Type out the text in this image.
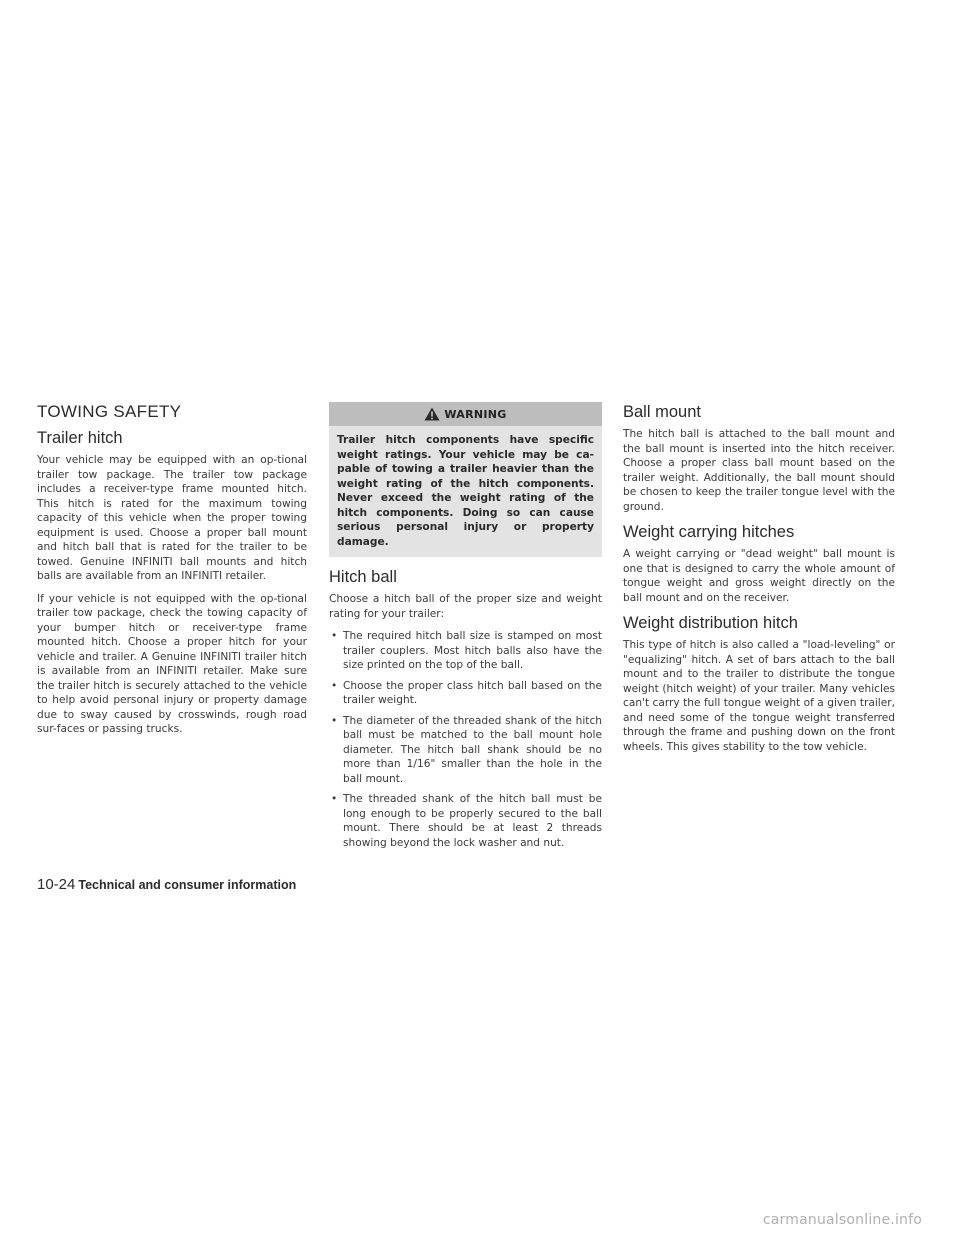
TOWING SAFETY
Trailer hitch

Your vehicle may be equipped with an op-tional trailer tow package. The trailer tow package includes a receiver-type frame mounted hitch. This hitch is rated for the maximum towing capacity of this vehicle when the proper towing equipment is used. Choose a proper ball mount and hitch ball that is rated for the trailer to be towed. Genuine INFINITI ball mounts and hitch balls are available from an INFINITI retailer.

If your vehicle is not equipped with the op-tional trailer tow package, check the towing capacity of your bumper hitch or receiver-type frame mounted hitch. Choose a proper hitch for your vehicle and trailer. A Genuine INFINITI trailer hitch is available from an INFINITI retailer. Make sure the trailer hitch is securely attached to the vehicle to help avoid personal injury or property damage due to sway caused by crosswinds, rough road sur-faces or passing trucks.

WARNING
Trailer hitch components have specific weight ratings. Your vehicle may be ca-pable of towing a trailer heavier than the weight rating of the hitch components. Never exceed the weight rating of the hitch components. Doing so can cause serious personal injury or property damage.
Hitch ball

Choose a hitch ball of the proper size and weight rating for your trailer:

• The required hitch ball size is stamped on most trailer couplers. Most hitch balls also have the size printed on the top of the ball.
• Choose the proper class hitch ball based on the trailer weight.
• The diameter of the threaded shank of the hitch ball must be matched to the ball mount hole diameter. The hitch ball shank should be no more than 1/16" smaller than the hole in the ball mount.
• The threaded shank of the hitch ball must be long enough to be properly secured to the ball mount. There should be at least 2 threads showing beyond the lock washer and nut.
Ball mount

The hitch ball is attached to the ball mount and the ball mount is inserted into the hitch receiver. Choose a proper class ball mount based on the trailer weight. Additionally, the ball mount should be chosen to keep the trailer tongue level with the ground.

Weight carrying hitches

A weight carrying or "dead weight" ball mount is one that is designed to carry the whole amount of tongue weight and gross weight directly on the ball mount and on the receiver.

Weight distribution hitch

This type of hitch is also called a "load-leveling" or "equalizing" hitch. A set of bars attach to the ball mount and to the trailer to distribute the tongue weight (hitch weight) of your trailer. Many vehicles can't carry the full tongue weight of a given trailer, and need some of the tongue weight transferred through the frame and pushing down on the front wheels. This gives stability to the tow vehicle.

10-24 Technical and consumer information
carmanualsonline.info
